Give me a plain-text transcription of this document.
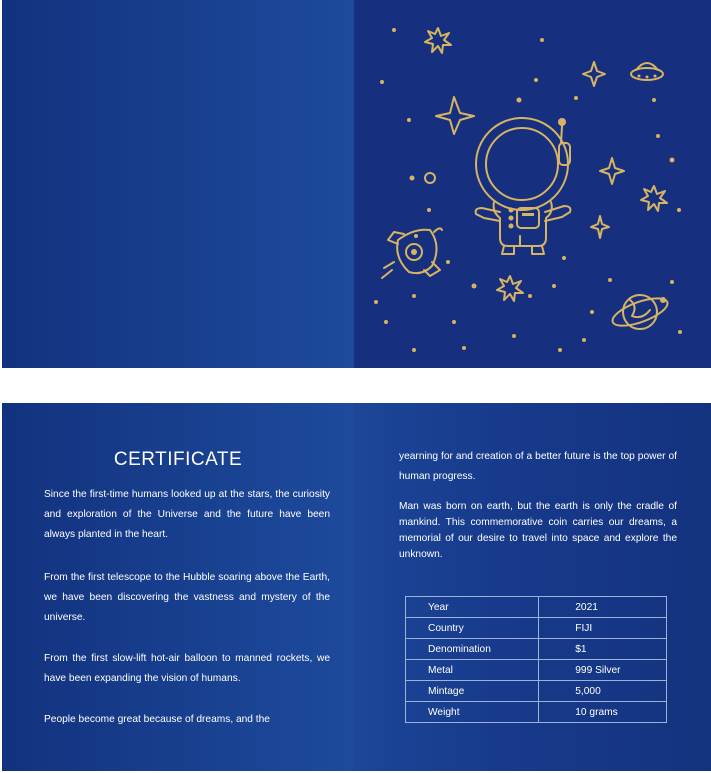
CERTIFICATE

Since the first-time humans looked up at the stars, the curiosity and exploration of the Universe and the future have been always planted in the heart.

From the first telescope to the Hubble soaring above the Earth, we have been discovering the vastness and mystery of the universe.

From the first slow-lift hot-air balloon to manned rockets, we have been expanding the vision of humans.

People become great because of dreams, and the

yearning for and creation of a better future is the top power of human progress.

Man was born on earth, but the earth is only the cradle of mankind. This commemorative coin carries our dreams, a memorial of our desire to travel into space and explore the unknown.

Year	2021
Country	FIJI
Denomination	$1
Metal	999 Silver
Mintage	5,000
Weight	10 grams
